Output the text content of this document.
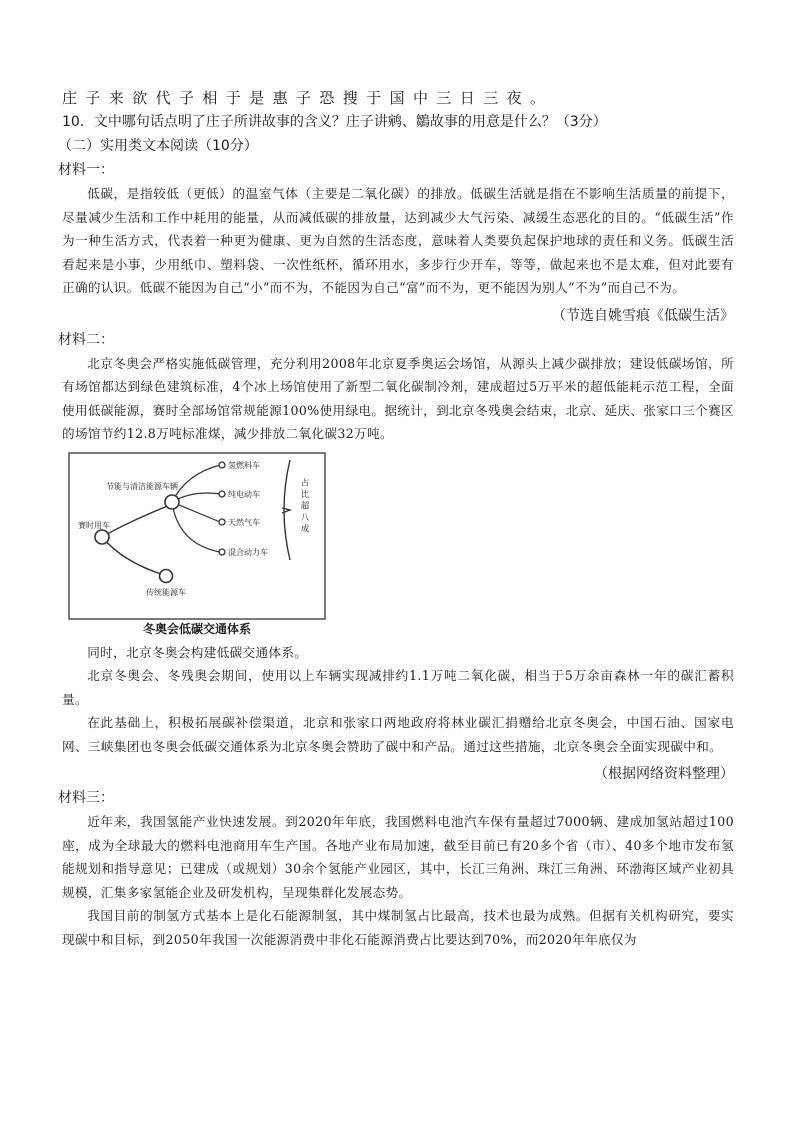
庄子来欲代子相于是惠子恐搜于国中三日三夜。

10．文中哪句话点明了庄子所讲故事的含义？庄子讲鹓、鶵故事的用意是什么？（3分）

（二）实用类文本阅读（10分）

材料一：

低碳，是指较低（更低）的温室气体（主要是二氧化碳）的排放。低碳生活就是指在不影响生活质量的前提下，尽量减少生活和工作中耗用的能量，从而减低碳的排放量，达到减少大气污染、减缓生态恶化的目的。“低碳生活”作为一种生活方式，代表着一种更为健康、更为自然的生活态度，意味着人类要负起保护地球的责任和义务。低碳生活看起来是小事，少用纸巾、塑料袋、一次性纸杯，循环用水，多步行少开车，等等，做起来也不是太难，但对此要有正确的认识。低碳不能因为自己“小”而不为，不能因为自己“富”而不为，更不能因为别人“不为”而自己不为。

（节选自姚雪痕《低碳生活》

材料二：

北京冬奥会严格实施低碳管理，充分利用2008年北京夏季奥运会场馆，从源头上减少碳排放；建设低碳场馆，所有场馆都达到绿色建筑标准，4个冰上场馆使用了新型二氧化碳制冷剂，建成超过5万平米的超低能耗示范工程，全面使用低碳能源，赛时全部场馆常规能源100%使用绿电。据统计，到北京冬残奥会结束，北京、延庆、张家口三个赛区的场馆节约12.8万吨标准煤，减少排放二氧化碳32万吨。

赛时用车
节能与清洁能源车辆
传统能源车
氢燃料车
纯电动车
天然气车
混合动力车
占比超八成

冬奥会低碳交通体系

同时，北京冬奥会构建低碳交通体系。

北京冬奥会、冬残奥会期间，使用以上车辆实现减排约1.1万吨二氧化碳，相当于5万余亩森林一年的碳汇蓄积量。

在此基础上，积极拓展碳补偿渠道，北京和张家口两地政府将林业碳汇捐赠给北京冬奥会，中国石油、国家电网、三峡集团也冬奥会低碳交通体系为北京冬奥会赞助了碳中和产品。通过这些措施，北京冬奥会全面实现碳中和。

（根据网络资料整理）

材料三：

近年来，我国氢能产业快速发展。到2020年年底，我国燃料电池汽车保有量超过7000辆、建成加氢站超过100座，成为全球最大的燃料电池商用车生产国。各地产业布局加速，截至目前已有20多个省（市）、40多个地市发布氢能规划和指导意见；已建成（或规划）30余个氢能产业园区，其中，长江三角洲、珠江三角洲、环渤海区域产业初具规模，汇集多家氢能企业及研发机构，呈现集群化发展态势。

我国目前的制氢方式基本上是化石能源制氢，其中煤制氢占比最高，技术也最为成熟。但据有关机构研究，要实现碳中和目标，到2050年我国一次能源消费中非化石能源消费占比要达到70%，而2020年年底仅为
